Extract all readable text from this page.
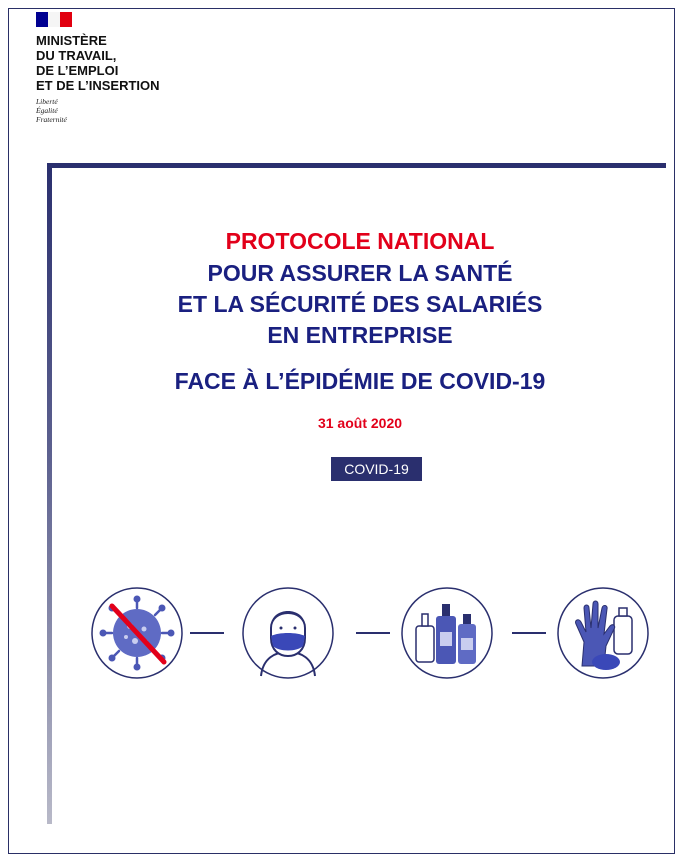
MINISTÈRE
DU TRAVAIL,
DE L’EMPLOI
ET DE L’INSERTION
Liberté
Égalité
Fraternité
PROTOCOLE NATIONAL
POUR ASSURER LA SANTÉ
ET LA SÉCURITÉ DES SALARIÉS
EN ENTREPRISE
FACE À L’ÉPIDÉMIE DE COVID-19
31 août 2020
COVID-19
